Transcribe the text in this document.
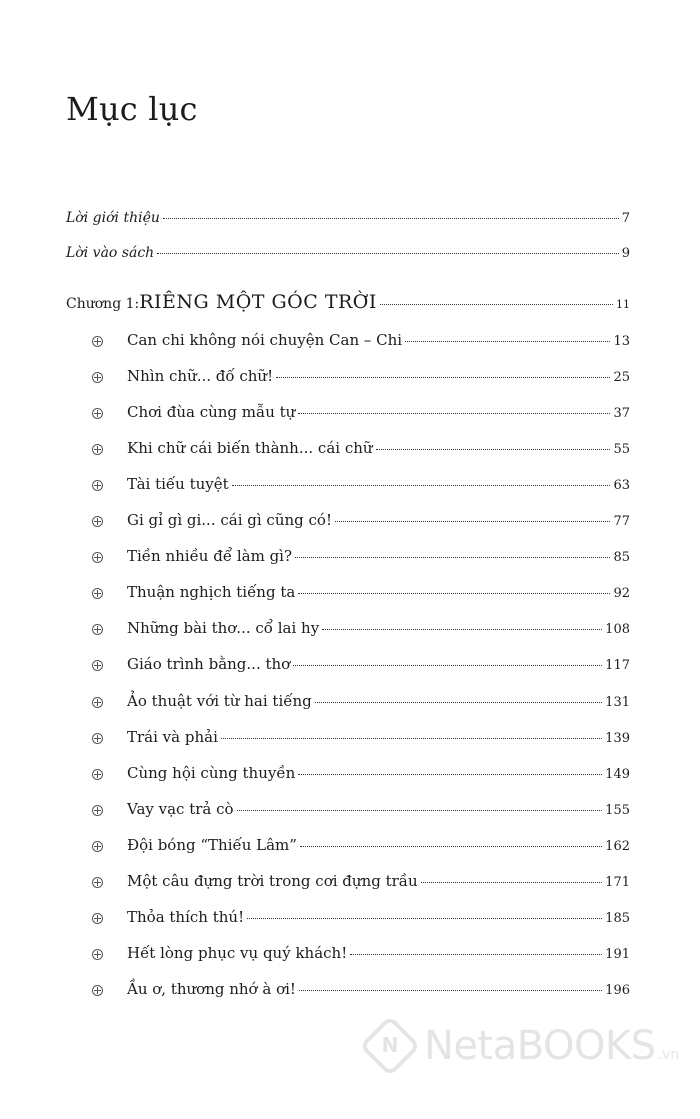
Mục lục
Lời giới thiệu	7
Lời vào sách	9
Chương 1: RIÊNG MỘT GÓC TRỜI	11
Can chi không nói chuyện Can – Chi	13
Nhìn chữ... đố chữ!	25
Chơi đùa cùng mẫu tự	37
Khi chữ cái biến thành... cái chữ	55
Tài tiếu tuyệt	63
Gi gỉ gì gi... cái gì cũng có!	77
Tiền nhiều để làm gì?	85
Thuận nghịch tiếng ta	92
Những bài thơ... cổ lai hy	108
Giáo trình bằng... thơ	117
Ảo thuật với từ hai tiếng	131
Trái và phải	139
Cùng hội cùng thuyền	149
Vay vạc trả cò	155
Đội bóng “Thiếu Lâm”	162
Một câu đựng trời trong cơi đựng trầu	171
Thỏa thích thú!	185
Hết lòng phục vụ quý khách!	191
Ầu ơ, thương nhớ à ơi!	196
N NetaBOOKS .vn
